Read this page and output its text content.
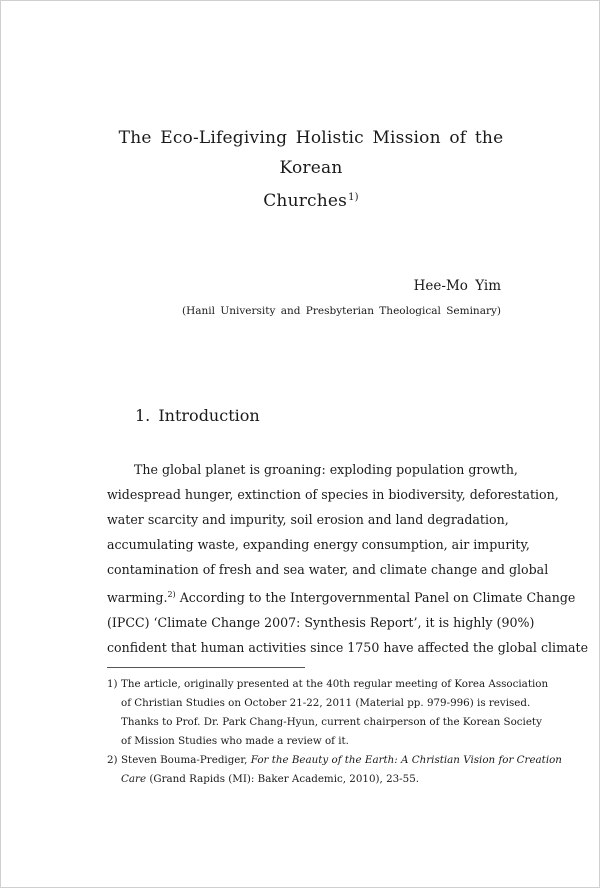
The Eco-Lifegiving Holistic Mission of the Korean
Churches$^{1)}$
Hee-Mo Yim
(Hanil University and Presbyterian Theological Seminary)
1. Introduction
The global planet is groaning: exploding population growth,
widespread hunger, extinction of species in biodiversity, deforestation,
water scarcity and impurity, soil erosion and land degradation,
accumulating waste, expanding energy consumption, air impurity,
contamination of fresh and sea water, and climate change and global
warming.$^{2)}$ According to the Intergovernmental Panel on Climate Change
(IPCC) ‘Climate Change 2007: Synthesis Report’, it is highly (90%)
confident that human activities since 1750 have affected the global climate
1) The article, originally presented at the 40th regular meeting of Korea Association
of Christian Studies on October 21-22, 2011 (Material pp. 979-996) is revised.
Thanks to Prof. Dr. Park Chang-Hyun, current chairperson of the Korean Society
of Mission Studies who made a review of it.
2) Steven Bouma-Prediger, For the Beauty of the Earth: A Christian Vision for Creation
Care (Grand Rapids (MI): Baker Academic, 2010), 23-55.
